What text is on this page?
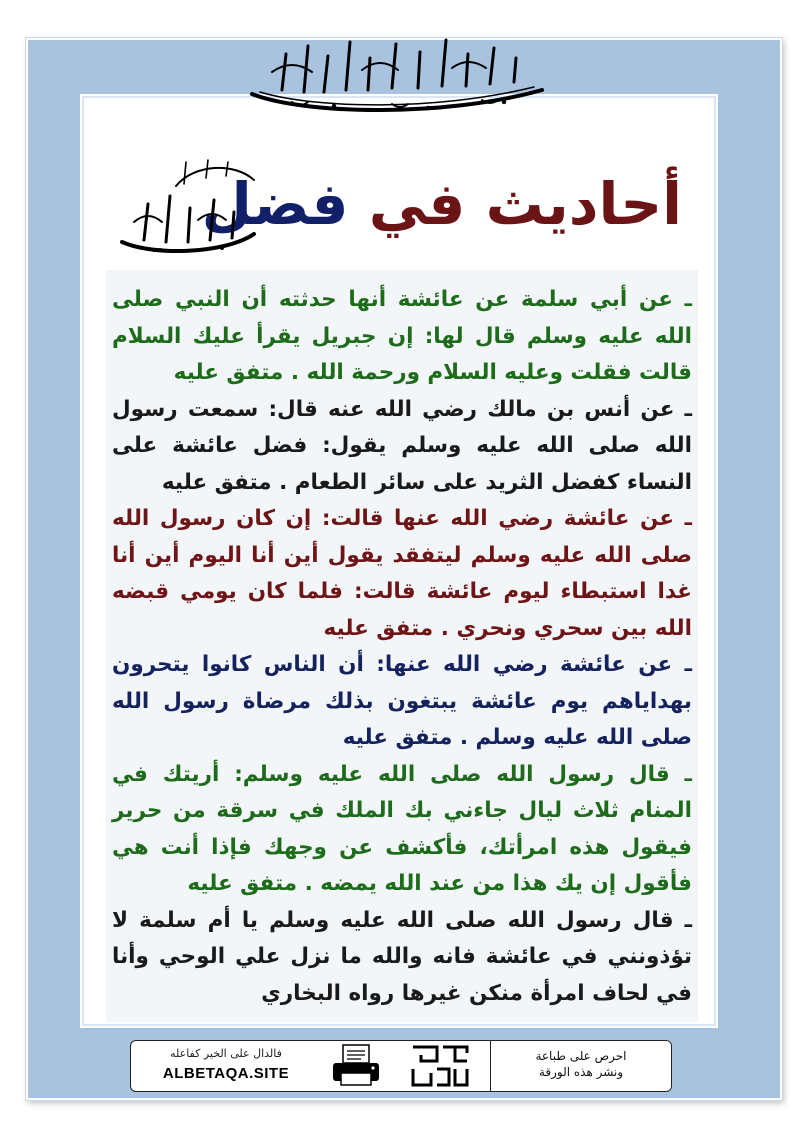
أحاديث في فضل

ـ عن أبي سلمة عن عائشة أنها حدثته أن النبي صلى الله عليه وسلم قال لها: إن جبريل يقرأ عليك السلام قالت فقلت وعليه السلام ورحمة الله . متفق عليه

ـ عن أنس بن مالك رضي الله عنه قال: سمعت رسول الله صلى الله عليه وسلم يقول: فضل عائشة على النساء كفضل الثريد على سائر الطعام . متفق عليه

ـ عن عائشة رضي الله عنها قالت: إن كان رسول الله صلى الله عليه وسلم ليتفقد يقول أين أنا اليوم أين أنا غدا استبطاء ليوم عائشة قالت: فلما كان يومي قبضه الله بين سحري ونحري . متفق عليه

ـ عن عائشة رضي الله عنها: أن الناس كانوا يتحرون بهداياهم يوم عائشة يبتغون بذلك مرضاة رسول الله صلى الله عليه وسلم . متفق عليه

ـ قال رسول الله صلى الله عليه وسلم: أريتك في المنام ثلاث ليال جاءني بك الملك في سرقة من حرير فيقول هذه امرأتك، فأكشف عن وجهك فإذا أنت هي فأقول إن يك هذا من عند الله يمضه . متفق عليه

ـ قال رسول الله صلى الله عليه وسلم يا أم سلمة لا تؤذونني في عائشة فانه والله ما نزل علي الوحي وأنا في لحاف امرأة منكن غيرها رواه البخاري

فالدال على الخير كفاعله
ALBETAQA.SITE
احرص على طباعة
ونشر هذه الورقة
